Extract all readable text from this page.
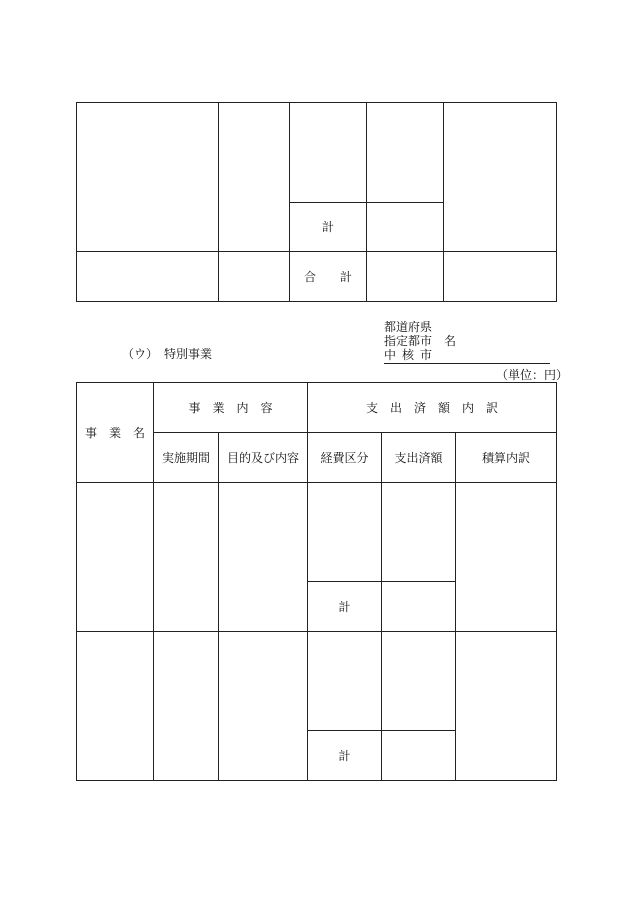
		計		
		合　　計		
都道府県
指定都市　名
中 核 市
（ウ）　特別事業
（単位：円）
事　業　名	事　業　内　容		支　出　済　額　内　訳		
	実施期間	目的及び内容	経費区分	支出済額	積算内訳

			計		

			計		
